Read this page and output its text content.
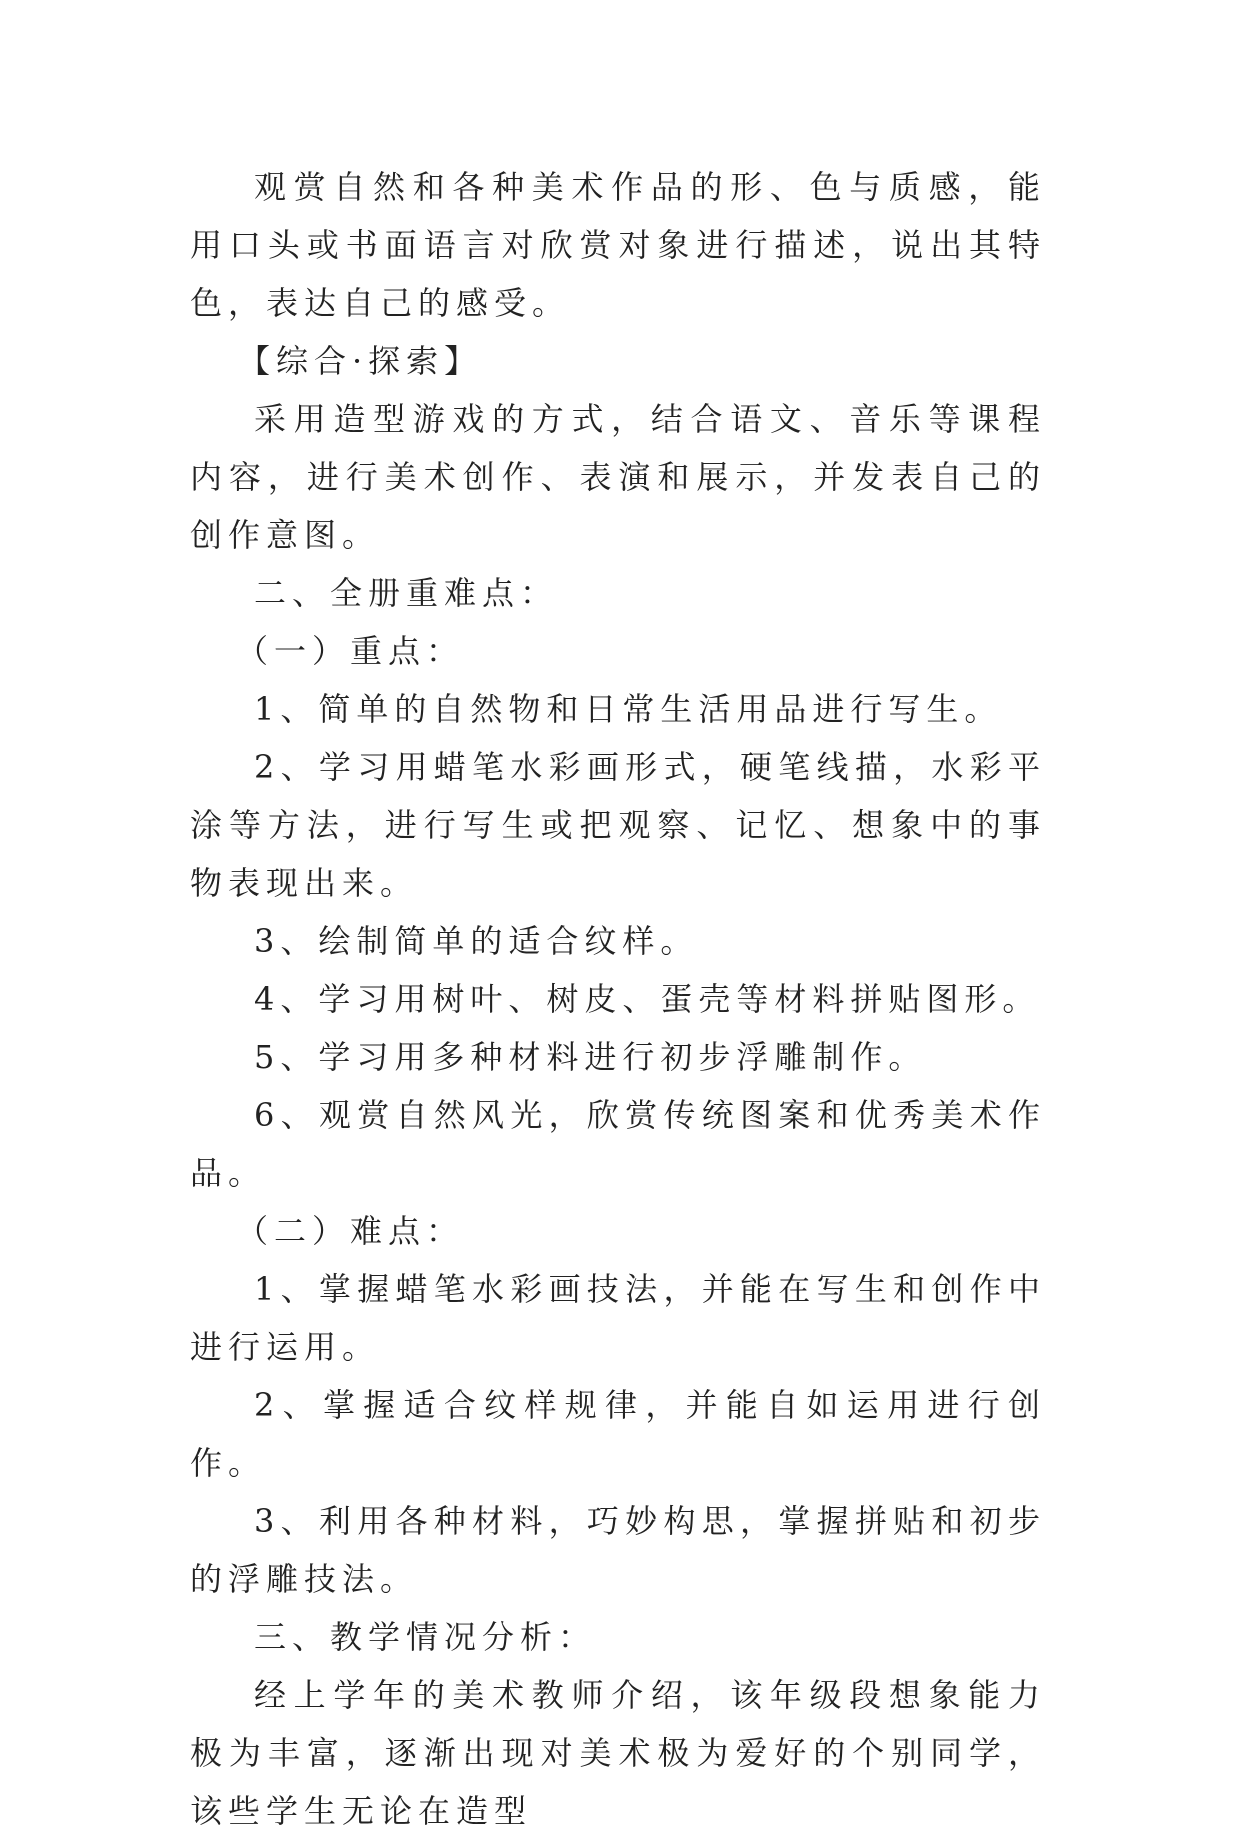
观赏自然和各种美术作品的形、色与质感，能用口头或书面语言对欣赏对象进行描述，说出其特色，表达自己的感受。

【综合·探索】

采用造型游戏的方式，结合语文、音乐等课程内容，进行美术创作、表演和展示，并发表自己的创作意图。

二、全册重难点：

（一）重点：

1、简单的自然物和日常生活用品进行写生。

2、学习用蜡笔水彩画形式，硬笔线描，水彩平涂等方法，进行写生或把观察、记忆、想象中的事物表现出来。

3、绘制简单的适合纹样。

4、学习用树叶、树皮、蛋壳等材料拼贴图形。

5、学习用多种材料进行初步浮雕制作。

6、观赏自然风光，欣赏传统图案和优秀美术作品。

（二）难点：

1、掌握蜡笔水彩画技法，并能在写生和创作中进行运用。

2、掌握适合纹样规律，并能自如运用进行创作。

3、利用各种材料，巧妙构思，掌握拼贴和初步的浮雕技法。

三、教学情况分析：

经上学年的美术教师介绍，该年级段想象能力极为丰富，逐渐出现对美术极为爱好的个别同学，该些学生无论在造型
